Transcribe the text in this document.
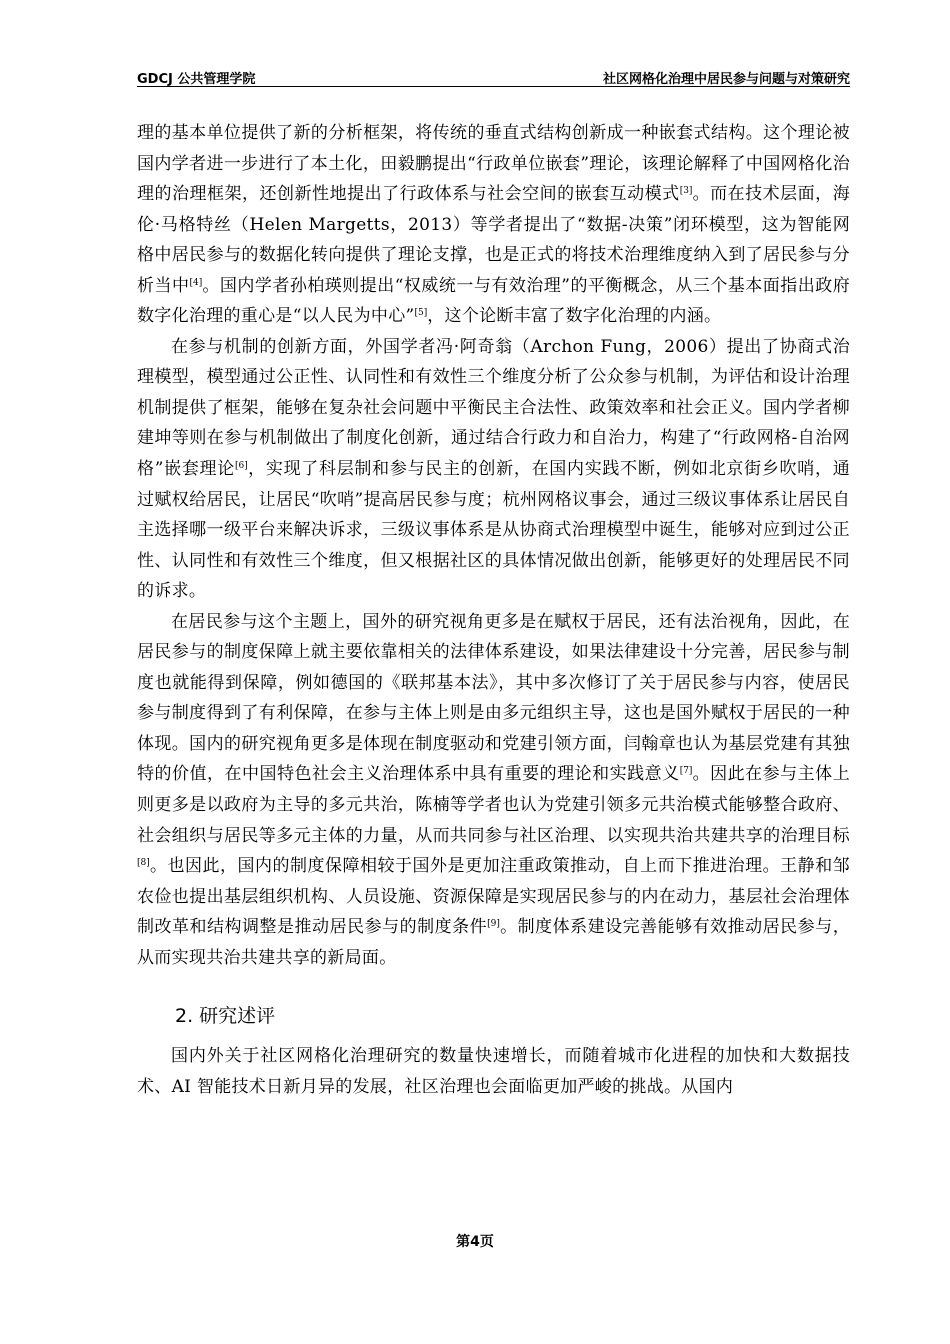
GDCJ 公共管理学院	社区网格化治理中居民参与问题与对策研究

理的基本单位提供了新的分析框架，将传统的垂直式结构创新成一种嵌套式结构。这个理论被国内学者进一步进行了本土化，田毅鹏提出“行政单位嵌套”理论，该理论解释了中国网格化治理的治理框架，还创新性地提出了行政体系与社会空间的嵌套互动模式[3]。而在技术层面，海伦·马格特丝（Helen Margetts，2013）等学者提出了“数据-决策”闭环模型，这为智能网格中居民参与的数据化转向提供了理论支撑，也是正式的将技术治理维度纳入到了居民参与分析当中[4]。国内学者孙柏瑛则提出“权威统一与有效治理”的平衡概念，从三个基本面指出政府数字化治理的重心是“以人民为中心”[5]，这个论断丰富了数字化治理的内涵。

在参与机制的创新方面，外国学者冯·阿奇翁（Archon Fung，2006）提出了协商式治理模型，模型通过公正性、认同性和有效性三个维度分析了公众参与机制，为评估和设计治理机制提供了框架，能够在复杂社会问题中平衡民主合法性、政策效率和社会正义。国内学者柳建坤等则在参与机制做出了制度化创新，通过结合行政力和自治力，构建了“行政网格-自治网格”嵌套理论[6]，实现了科层制和参与民主的创新，在国内实践不断，例如北京街乡吹哨，通过赋权给居民，让居民“吹哨”提高居民参与度；杭州网格议事会，通过三级议事体系让居民自主选择哪一级平台来解决诉求，三级议事体系是从协商式治理模型中诞生，能够对应到过公正性、认同性和有效性三个维度，但又根据社区的具体情况做出创新，能够更好的处理居民不同的诉求。

在居民参与这个主题上，国外的研究视角更多是在赋权于居民，还有法治视角，因此，在居民参与的制度保障上就主要依靠相关的法律体系建设，如果法律建设十分完善，居民参与制度也就能得到保障，例如德国的《联邦基本法》，其中多次修订了关于居民参与内容，使居民参与制度得到了有利保障，在参与主体上则是由多元组织主导，这也是国外赋权于居民的一种体现。国内的研究视角更多是体现在制度驱动和党建引领方面，闫翰章也认为基层党建有其独特的价值，在中国特色社会主义治理体系中具有重要的理论和实践意义[7]。因此在参与主体上则更多是以政府为主导的多元共治，陈楠等学者也认为党建引领多元共治模式能够整合政府、社会组织与居民等多元主体的力量，从而共同参与社区治理、以实现共治共建共享的治理目标[8]。也因此，国内的制度保障相较于国外是更加注重政策推动，自上而下推进治理。王静和邹农俭也提出基层组织机构、人员设施、资源保障是实现居民参与的内在动力，基层社会治理体制改革和结构调整是推动居民参与的制度条件[9]。制度体系建设完善能够有效推动居民参与，从而实现共治共建共享的新局面。

2. 研究述评

国内外关于社区网格化治理研究的数量快速增长，而随着城市化进程的加快和大数据技术、AI 智能技术日新月异的发展，社区治理也会面临更加严峻的挑战。从国内

第4页
